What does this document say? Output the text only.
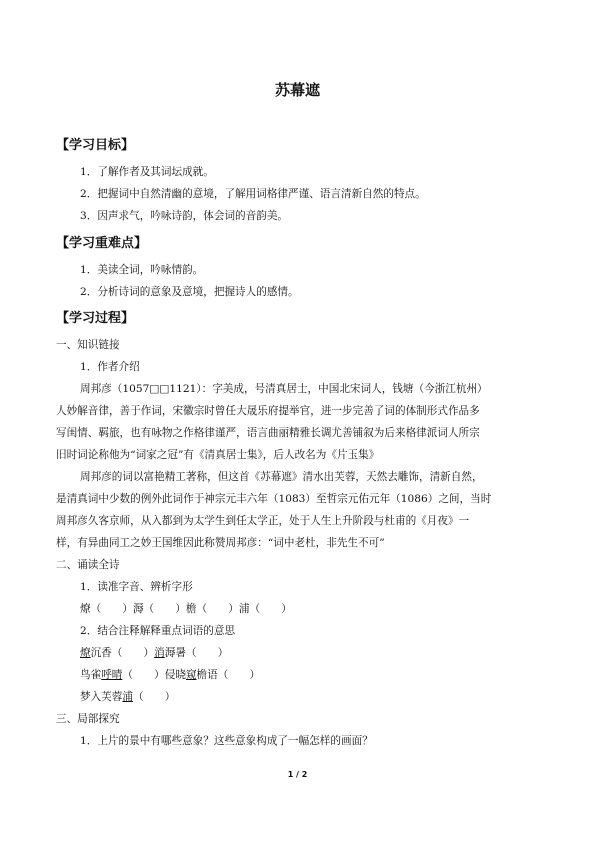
苏幕遮
【学习目标】
1．了解作者及其词坛成就。
2．把握词中自然清幽的意境，了解用词格律严谨、语言清新自然的特点。
3．因声求气，吟咏诗韵，体会词的音韵美。
【学习重难点】
1．美读全词，吟咏情韵。
2．分析诗词的意象及意境，把握诗人的感情。
【学习过程】
一、知识链接
1．作者介绍
周邦彦（1057□□1121）：字美成，号清真居士，中国北宋词人，钱塘（今浙江杭州）
人妙解音律，善于作词，宋徽宗时曾任大晟乐府提举官，进一步完善了词的体制形式作品多
写闺情、羁旅，也有咏物之作格律谨严，语言曲丽精雅长调尤善铺叙为后来格律派词人所宗
旧时词论称他为“词家之冠”有《清真居士集》，后人改名为《片玉集》
周邦彦的词以富艳精工著称，但这首《苏幕遮》清水出芙蓉，天然去雕饰，清新自然，
是清真词中少数的例外此词作于神宗元丰六年（1083）至哲宗元佑元年（1086）之间，当时
周邦彦久客京师，从入都到为太学生到任太学正，处于人生上升阶段与杜甫的《月夜》一
样，有异曲同工之妙王国维因此称赞周邦彦：“词中老杜，非先生不可”
二、诵读全诗
1．读准字音、辨析字形
燎（　　）溽（　　）檐（　　）浦（　　）
2．结合注释解释重点词语的意思
燎沉香（　　）消溽暑（　　）
鸟雀呼晴（　　）侵晓窥檐语（　　）
梦入芙蓉浦（　　）
三、局部探究
1．上片的景中有哪些意象？这些意象构成了一幅怎样的画面？
1 / 2
